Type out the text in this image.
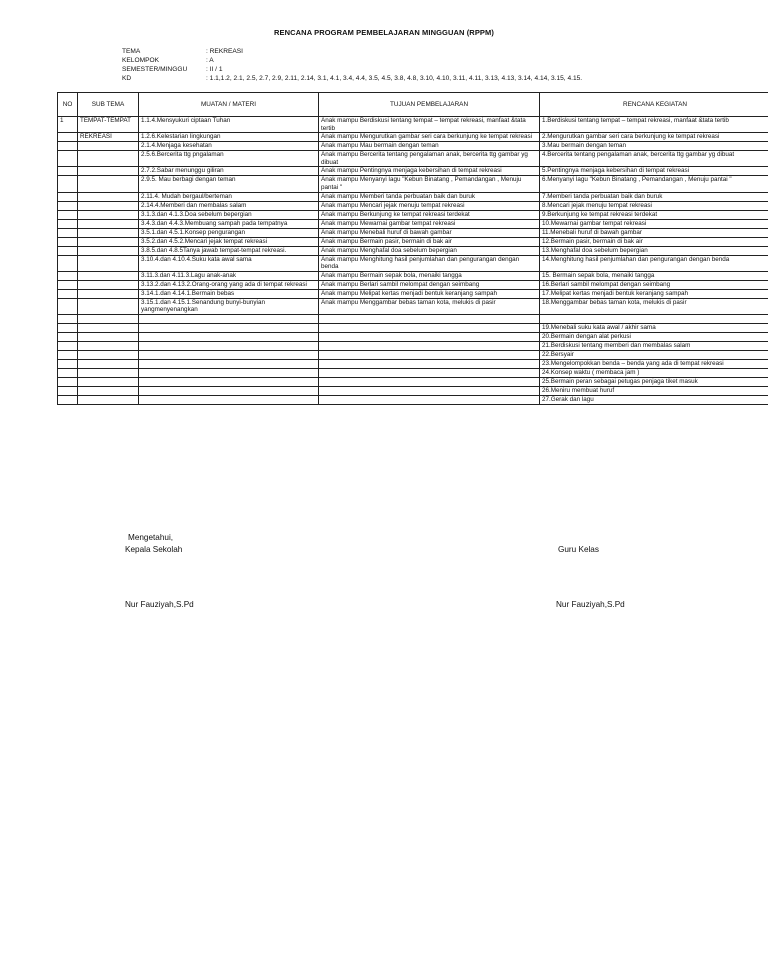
RENCANA PROGRAM PEMBELAJARAN MINGGUAN (RPPM)
TEMA	: REKREASI
KELOMPOK	: A
SEMESTER/MINGGU	: II / 1
KD	: 1.1,1.2, 2.1, 2.5, 2.7, 2.9, 2.11, 2.14, 3.1, 4.1, 3.4, 4.4, 3.5, 4.5, 3.8, 4.8, 3.10, 4.10, 3.11, 4.11, 3.13, 4.13, 3.14, 4.14, 3.15, 4.15.
NO	SUB TEMA	MUATAN / MATERI	TUJUAN PEMBELAJARAN	RENCANA KEGIATAN
1	TEMPAT-TEMPAT	1.1.4.Mensyukuri ciptaan Tuhan	Anak mampu Berdiskusi tentang tempat – tempat rekreasi, manfaat &tata tertib	1.Berdiskusi tentang tempat – tempat rekreasi, manfaat &tata tertib
	REKREASI	1.2.6.Kelestarian lingkungan	Anak mampu Mengurutkan gambar seri cara berkunjung ke tempat rekreasi	2.Mengurutkan gambar seri cara berkunjung ke tempat rekreasi
		2.1.4.Menjaga kesehatan	Anak mampu Mau bermain dengan teman	3.Mau bermain dengan teman
		2.5.6.Bercerita ttg pngalaman	Anak mampu Bercerita tentang pengalaman anak, bercerita ttg gambar yg dibuat	4.Bercerita tentang pengalaman anak, bercerita ttg gambar yg dibuat
		2.7.2.Sabar menunggu giliran	Anak mampu Pentingnya menjaga kebersihan di tempat rekreasi	5.Pentingnya menjaga kebersihan di tempat rekreasi
		2.9.5. Mau berbagi dengan teman	Anak mampu Menyanyi lagu "Kebun Binatang , Pemandangan , Menuju pantai "	6.Menyanyi lagu "Kebun Binatang , Pemandangan , Menuju pantai "
		2.11.4. Mudah bergaul/berteman	Anak mampu Memberi tanda perbuatan baik dan buruk	7.Memberi tanda perbuatan baik dan buruk
		2.14.4.Memberi dan membalas salam	Anak mampu Mencari jejak menuju tempat rekreasi	8.Mencari jejak menuju tempat rekreasi
		3.1.3.dan 4.1.3.Doa sebelum bepergian	Anak mampu Berkunjung ke tempat rekreasi terdekat	9.Berkunjung ke tempat rekreasi terdekat
		3.4.3.dan 4.4.3.Membuang sampah pada tempatnya	Anak mampu Mewarnai gambar tempat rekreasi	10.Mewarnai gambar tempat rekreasi
		3.5.1.dan 4.5.1.Konsep pengurangan	Anak mampu Menebali huruf di bawah gambar	11.Menebali huruf di bawah gambar
		3.5.2.dan 4.5.2.Mencari jejak tempat rekreasi	Anak mampu Bermain pasir, bermain di bak air	12.Bermain pasir, bermain di bak air
		3.8.5.dan 4.8.5Tanya jawab tempat-tempat rekreasi.	Anak mampu Menghafal doa sebelum bepergian	13.Menghafal doa sebelum bepergian
		3.10.4.dan 4.10.4.Suku kata awal sama	Anak mampu Menghitung hasil penjumlahan dan pengurangan dengan benda	14.Menghitung hasil penjumlahan dan pengurangan dengan benda
		3.11.3.dan 4.11.3.Lagu anak-anak	Anak mampu Bermain sepak bola, menaiki tangga	15. Bermain sepak bola, menaiki tangga
		3.13.2.dan 4.13.2.Orang-orang yang ada di tempat rekreasi	Anak mampu Berlari sambil melompat dengan seimbang	16.Berlari sambil melompat dengan seimbang
		3.14.1.dan 4.14.1.Bermain bebas	Anak mampu Melipat kertas menjadi bentuk keranjang sampah	17.Melipat kertas menjadi bentuk keranjang sampah
		3.15.1.dan 4.15.1.Senandung bunyi-bunyian yangmenyenangkan	Anak mampu Menggambar bebas taman kota, melukis di pasir	18.Menggambar bebas taman kota, melukis di pasir

				19.Menebali suku kata awal / akhir sama
				20.Bermain dengan alat perkusi
				21.Berdiskusi tentang memberi dan membalas salam
				22.Bersyair
				23.Mengelompokkan benda – benda yang ada di tempat rekreasi
				24.Konsep waktu ( membaca jam )
				25.Bermain peran sebagai petugas penjaga tiket masuk
				26.Meniru membuat huruf
				27.Gerak dan lagu
Mengetahui,
Kepala Sekolah
Nur Fauziyah,S.Pd
Guru Kelas
Nur Fauziyah,S.Pd
